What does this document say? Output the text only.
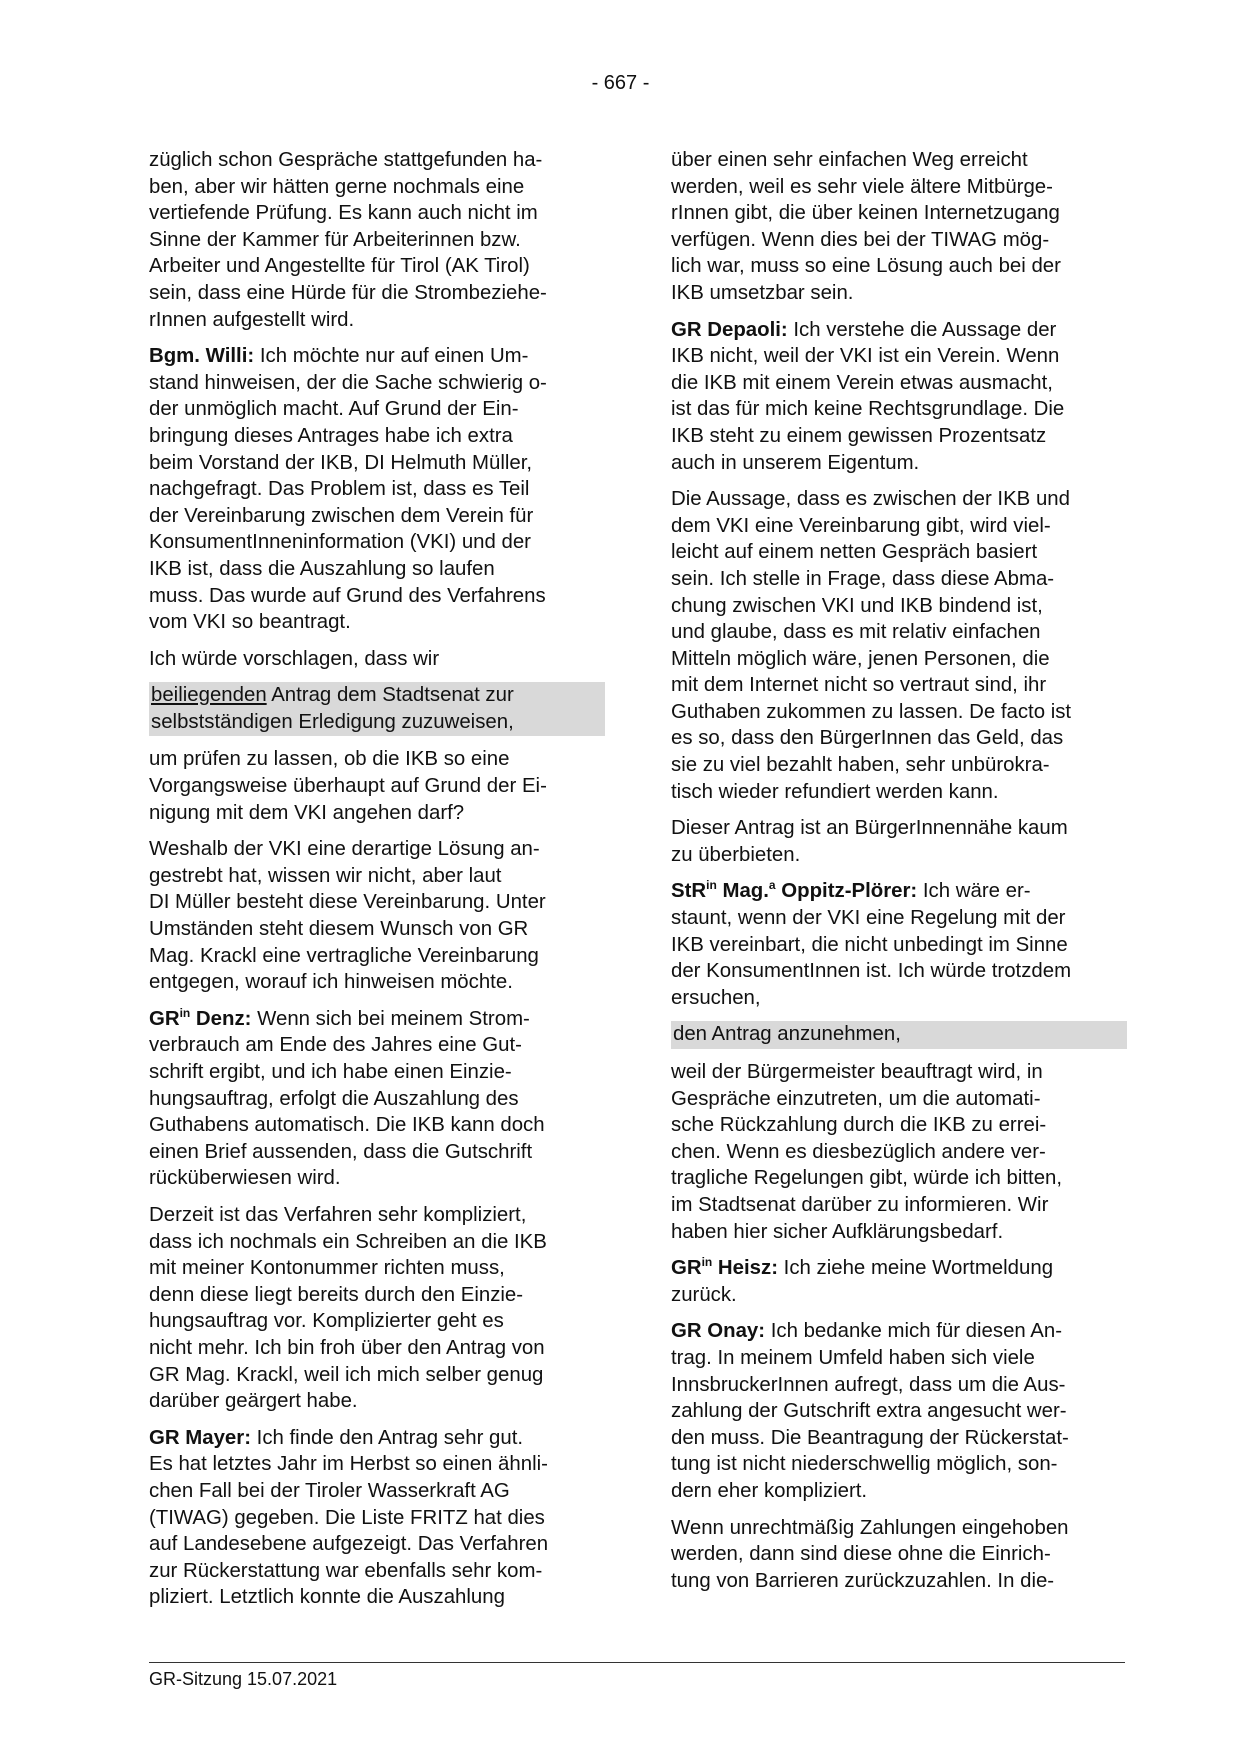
- 667 -

züglich schon Gespräche stattgefunden ha-
ben, aber wir hätten gerne nochmals eine
vertiefende Prüfung. Es kann auch nicht im
Sinne der Kammer für Arbeiterinnen bzw.
Arbeiter und Angestellte für Tirol (AK Tirol)
sein, dass eine Hürde für die Strombeziehe-
rInnen aufgestellt wird.

Bgm. Willi: Ich möchte nur auf einen Um-
stand hinweisen, der die Sache schwierig o-
der unmöglich macht. Auf Grund der Ein-
bringung dieses Antrages habe ich extra
beim Vorstand der IKB, DI Helmuth Müller,
nachgefragt. Das Problem ist, dass es Teil
der Vereinbarung zwischen dem Verein für
KonsumentInneninformation (VKI) und der
IKB ist, dass die Auszahlung so laufen
muss. Das wurde auf Grund des Verfahrens
vom VKI so beantragt.

Ich würde vorschlagen, dass wir

beiliegenden Antrag dem Stadtsenat zur
selbstständigen Erledigung zuzuweisen,

um prüfen zu lassen, ob die IKB so eine
Vorgangsweise überhaupt auf Grund der Ei-
nigung mit dem VKI angehen darf?

Weshalb der VKI eine derartige Lösung an-
gestrebt hat, wissen wir nicht, aber laut
DI Müller besteht diese Vereinbarung. Unter
Umständen steht diesem Wunsch von GR
Mag. Krackl eine vertragliche Vereinbarung
entgegen, worauf ich hinweisen möchte.

$GR^{in}$ Denz: Wenn sich bei meinem Strom-
verbrauch am Ende des Jahres eine Gut-
schrift ergibt, und ich habe einen Einzie-
hungsauftrag, erfolgt die Auszahlung des
Guthabens automatisch. Die IKB kann doch
einen Brief aussenden, dass die Gutschrift
rücküberwiesen wird.

Derzeit ist das Verfahren sehr kompliziert,
dass ich nochmals ein Schreiben an die IKB
mit meiner Kontonummer richten muss,
denn diese liegt bereits durch den Einzie-
hungsauftrag vor. Komplizierter geht es
nicht mehr. Ich bin froh über den Antrag von
GR Mag. Krackl, weil ich mich selber genug
darüber geärgert habe.

GR Mayer: Ich finde den Antrag sehr gut.
Es hat letztes Jahr im Herbst so einen ähnli-
chen Fall bei der Tiroler Wasserkraft AG
(TIWAG) gegeben. Die Liste FRITZ hat dies
auf Landesebene aufgezeigt. Das Verfahren
zur Rückerstattung war ebenfalls sehr kom-
pliziert. Letztlich konnte die Auszahlung

über einen sehr einfachen Weg erreicht
werden, weil es sehr viele ältere Mitbürge-
rInnen gibt, die über keinen Internetzugang
verfügen. Wenn dies bei der TIWAG mög-
lich war, muss so eine Lösung auch bei der
IKB umsetzbar sein.

GR Depaoli: Ich verstehe die Aussage der
IKB nicht, weil der VKI ist ein Verein. Wenn
die IKB mit einem Verein etwas ausmacht,
ist das für mich keine Rechtsgrundlage. Die
IKB steht zu einem gewissen Prozentsatz
auch in unserem Eigentum.

Die Aussage, dass es zwischen der IKB und
dem VKI eine Vereinbarung gibt, wird viel-
leicht auf einem netten Gespräch basiert
sein. Ich stelle in Frage, dass diese Abma-
chung zwischen VKI und IKB bindend ist,
und glaube, dass es mit relativ einfachen
Mitteln möglich wäre, jenen Personen, die
mit dem Internet nicht so vertraut sind, ihr
Guthaben zukommen zu lassen. De facto ist
es so, dass den BürgerInnen das Geld, das
sie zu viel bezahlt haben, sehr unbürokra-
tisch wieder refundiert werden kann.

Dieser Antrag ist an BürgerInnennähe kaum
zu überbieten.

StR$^{in}$ Mag.$^a$ Oppitz-Plörer: Ich wäre er-
staunt, wenn der VKI eine Regelung mit der
IKB vereinbart, die nicht unbedingt im Sinne
der KonsumentInnen ist. Ich würde trotzdem
ersuchen,

den Antrag anzunehmen,

weil der Bürgermeister beauftragt wird, in
Gespräche einzutreten, um die automati-
sche Rückzahlung durch die IKB zu errei-
chen. Wenn es diesbezüglich andere ver-
tragliche Regelungen gibt, würde ich bitten,
im Stadtsenat darüber zu informieren. Wir
haben hier sicher Aufklärungsbedarf.

$GR^{in}$ Heisz: Ich ziehe meine Wortmeldung
zurück.

GR Onay: Ich bedanke mich für diesen An-
trag. In meinem Umfeld haben sich viele
InnsbruckerInnen aufregt, dass um die Aus-
zahlung der Gutschrift extra angesucht wer-
den muss. Die Beantragung der Rückerstat-
tung ist nicht niederschwellig möglich, son-
dern eher kompliziert.

Wenn unrechtmäßig Zahlungen eingehoben
werden, dann sind diese ohne die Einrich-
tung von Barrieren zurückzuzahlen. In die-

GR-Sitzung 15.07.2021
